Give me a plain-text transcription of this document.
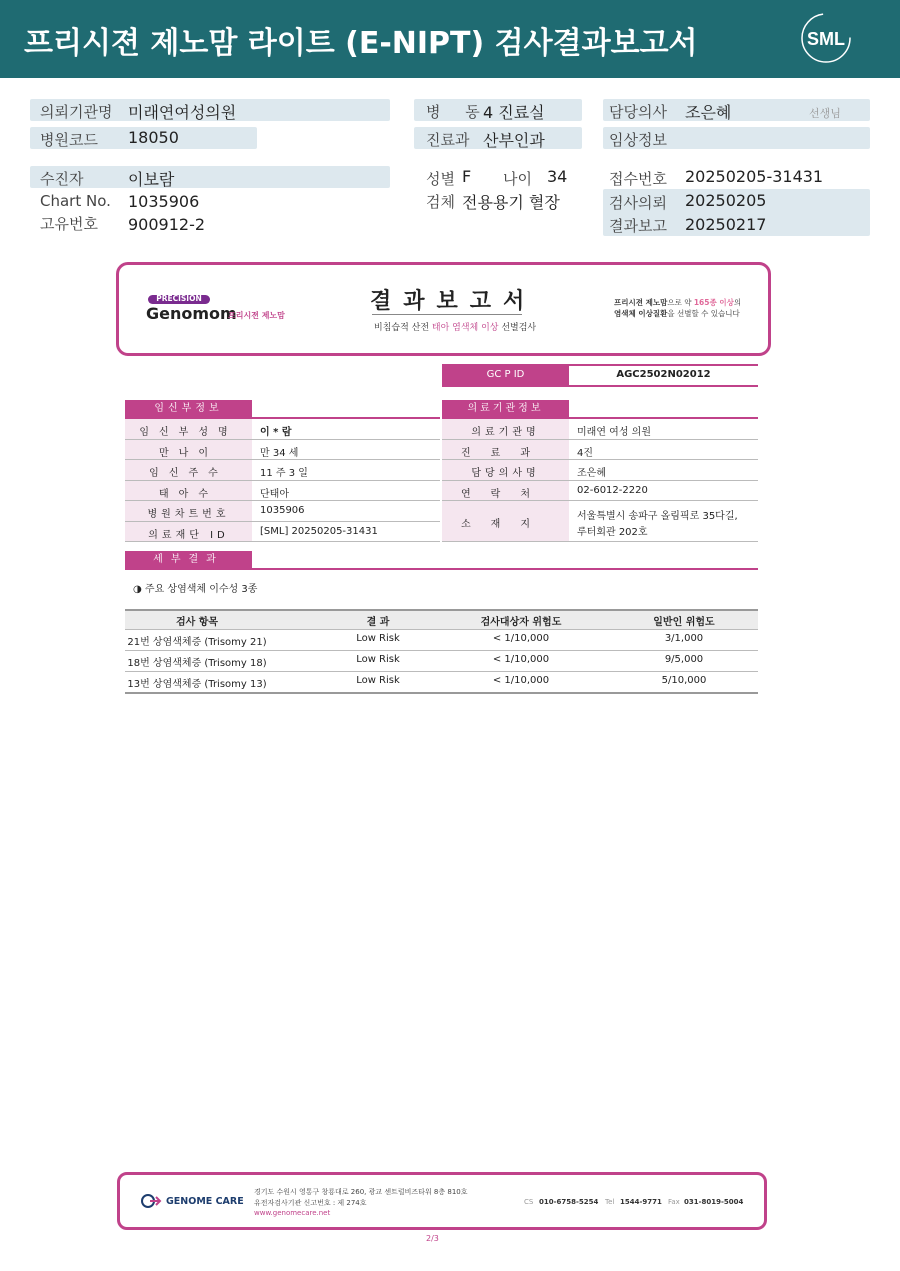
프리시젼 제노맘 라이트 (E-NIPT) 검사결과보고서	SML
의뢰기관명 미래연여성의원
병원코드 18050
병 동
4 진료실
진료과 산부인과
담당의사 조은혜	선생님
임상정보
수진자	이보람
Chart No. 1035906
고유번호 900912-2
성별 F 나이 34
검체 전용용기 혈장
접수번호 20250205-31431
검사의뢰 20250205
결과보고 20250217
PRECISION
Genomom
프리시젼 제노맘
결과보고서
비침습적 산전 태아 염색체 이상 선별검사
프리시젼 제노맘으로 약 165종 이상의
염색체 이상질환을 선별할 수 있습니다
GC P ID	AGC2502N02012
임신부정보
임신부성명	이 * 람
만나이	만 34 세
임신주수	11 주 3 일
태아수	단태아
병원차트번호	1035906
의료재단 ID	[SML] 20250205-31431
의료기관정보
의료기관명	미래연 여성 의원
진료과	4진
담당의사명	조은혜
연락처	02-6012-2220
소재지
서울특별시 송파구 올림픽로 35다길,
루터회관 202호
세부결과
◑ 주요 상염색체 이수성 3종
검사 항목	결 과	검사대상자 위험도	일반인 위험도
21번 상염색체증 (Trisomy 21)	Low Risk	< 1/10,000	3/1,000
18번 상염색체증 (Trisomy 18)	Low Risk	< 1/10,000	9/5,000
13번 상염색체증 (Trisomy 13)	Low Risk	< 1/10,000	5/10,000
GENOME CARE
경기도 수원시 영통구 창룡대로 260, 광교 센트럴비즈타워 8층 810호
유전자검사기관 신고번호 : 제 274호
www.genomecare.net
CS 010-6758-5254 Tel 1544-9771 Fax 031-8019-5004
2/3
